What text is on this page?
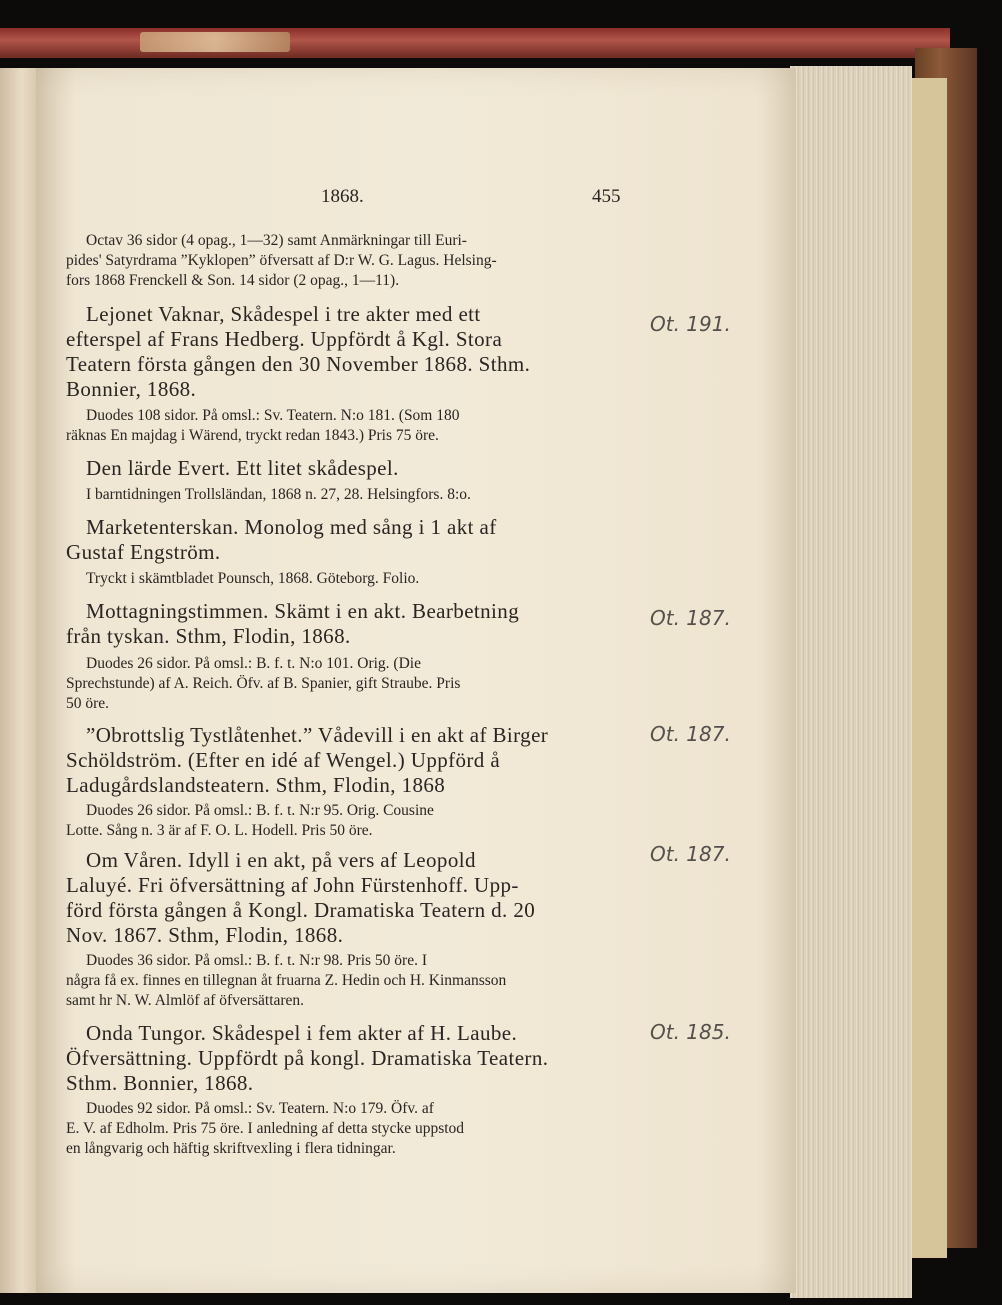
1868.	455
Octav 36 sidor (4 opag., 1—32) samt Anmärkningar till Euri-
pides' Satyrdrama ”Kyklopen” öfversatt af D:r W. G. Lagus. Helsing-
fors 1868 Frenckell & Son. 14 sidor (2 opag., 1—11).
Lejonet Vaknar, Skådespel i tre akter med ett
efterspel af Frans Hedberg. Uppfördt å Kgl. Stora
Teatern första gången den 30 November 1868. Sthm.
Bonnier, 1868.
Duodes 108 sidor. På omsl.: Sv. Teatern. N:o 181. (Som 180
räknas En majdag i Wärend, tryckt redan 1843.) Pris 75 öre.
Ot. 191.
Den lärde Evert. Ett litet skådespel.
I barntidningen Trollsländan, 1868 n. 27, 28. Helsingfors. 8:o.
Marketenterskan. Monolog med sång i 1 akt af
Gustaf Engström.
Tryckt i skämtbladet Pounsch, 1868. Göteborg. Folio.
Mottagningstimmen. Skämt i en akt. Bearbetning
från tyskan. Sthm, Flodin, 1868.
Duodes 26 sidor. På omsl.: B. f. t. N:o 101. Orig. (Die
Sprechstunde) af A. Reich. Öfv. af B. Spanier, gift Straube. Pris
50 öre.
Ot. 187.
”Obrottslig Tystlåtenhet.” Vådevill i en akt af Birger
Schöldström. (Efter en idé af Wengel.) Uppförd å
Ladugårdslandsteatern. Sthm, Flodin, 1868
Duodes 26 sidor. På omsl.: B. f. t. N:r 95. Orig. Cousine
Lotte. Sång n. 3 är af F. O. L. Hodell. Pris 50 öre.
Ot. 187.
Om Våren. Idyll i en akt, på vers af Leopold
Laluyé. Fri öfversättning af John Fürstenhoff. Upp-
förd första gången å Kongl. Dramatiska Teatern d. 20
Nov. 1867. Sthm, Flodin, 1868.
Duodes 36 sidor. På omsl.: B. f. t. N:r 98. Pris 50 öre. I
några få ex. finnes en tillegnan åt fruarna Z. Hedin och H. Kinmansson
samt hr N. W. Almlöf af öfversättaren.
Ot. 187.
Onda Tungor. Skådespel i fem akter af H. Laube.
Öfversättning. Uppfördt på kongl. Dramatiska Teatern.
Sthm. Bonnier, 1868.
Duodes 92 sidor. På omsl.: Sv. Teatern. N:o 179. Öfv. af
E. V. af Edholm. Pris 75 öre. I anledning af detta stycke uppstod
en långvarig och häftig skriftvexling i flera tidningar.
Ot. 185.
